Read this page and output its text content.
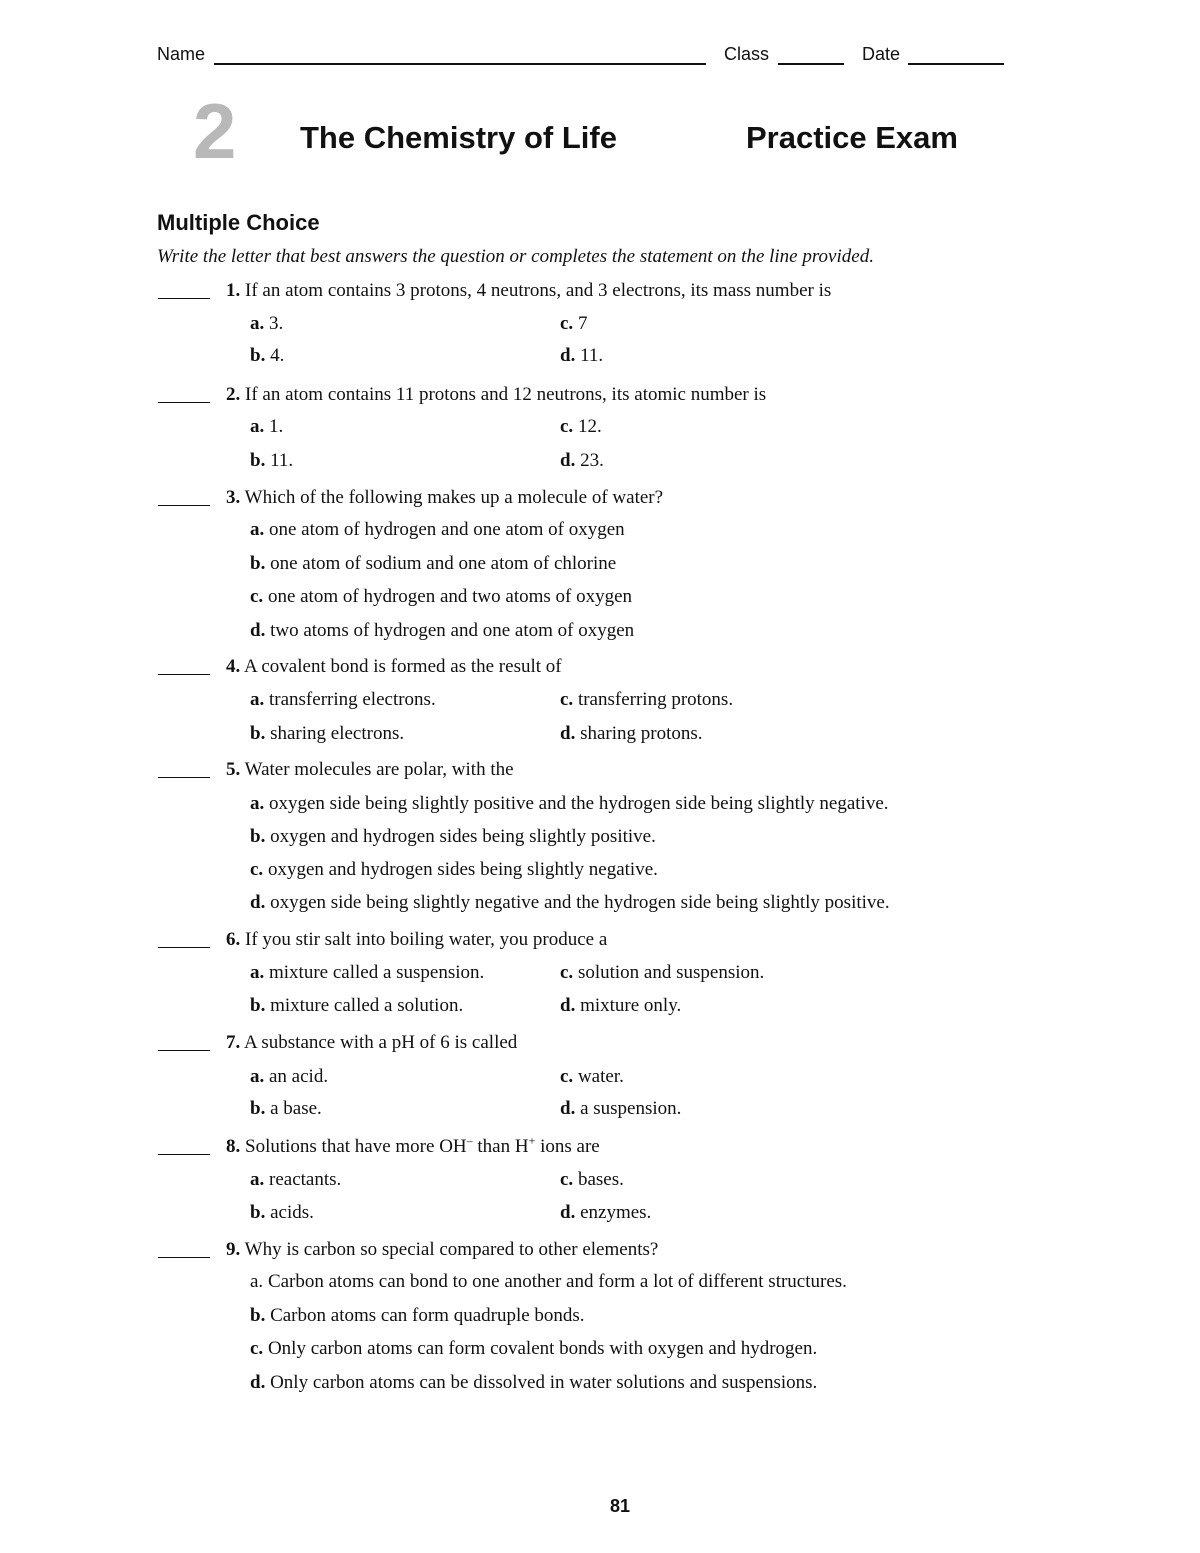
Name	Class	Date
2 The Chemistry of Life	Practice Exam
Multiple Choice
Write the letter that best answers the question or completes the statement on the line provided.
1. If an atom contains 3 protons, 4 neutrons, and 3 electrons, its mass number is
a. 3.	c. 7
b. 4.	d. 11.
2. If an atom contains 11 protons and 12 neutrons, its atomic number is
a. 1.	c. 12.
b. 11.	d. 23.
3. Which of the following makes up a molecule of water?
a. one atom of hydrogen and one atom of oxygen
b. one atom of sodium and one atom of chlorine
c. one atom of hydrogen and two atoms of oxygen
d. two atoms of hydrogen and one atom of oxygen
4. A covalent bond is formed as the result of
a. transferring electrons.	c. transferring protons.
b. sharing electrons.	d. sharing protons.
5. Water molecules are polar, with the
a. oxygen side being slightly positive and the hydrogen side being slightly negative.
b. oxygen and hydrogen sides being slightly positive.
c. oxygen and hydrogen sides being slightly negative.
d. oxygen side being slightly negative and the hydrogen side being slightly positive.
6. If you stir salt into boiling water, you produce a
a. mixture called a suspension.	c. solution and suspension.
b. mixture called a solution.	d. mixture only.
7. A substance with a pH of 6 is called
a. an acid.	c. water.
b. a base.	d. a suspension.
8. Solutions that have more OH– than H+ ions are
a. reactants.	c. bases.
b. acids.	d. enzymes.
9. Why is carbon so special compared to other elements?
a. Carbon atoms can bond to one another and form a lot of different structures.
b. Carbon atoms can form quadruple bonds.
c. Only carbon atoms can form covalent bonds with oxygen and hydrogen.
d. Only carbon atoms can be dissolved in water solutions and suspensions.
81
